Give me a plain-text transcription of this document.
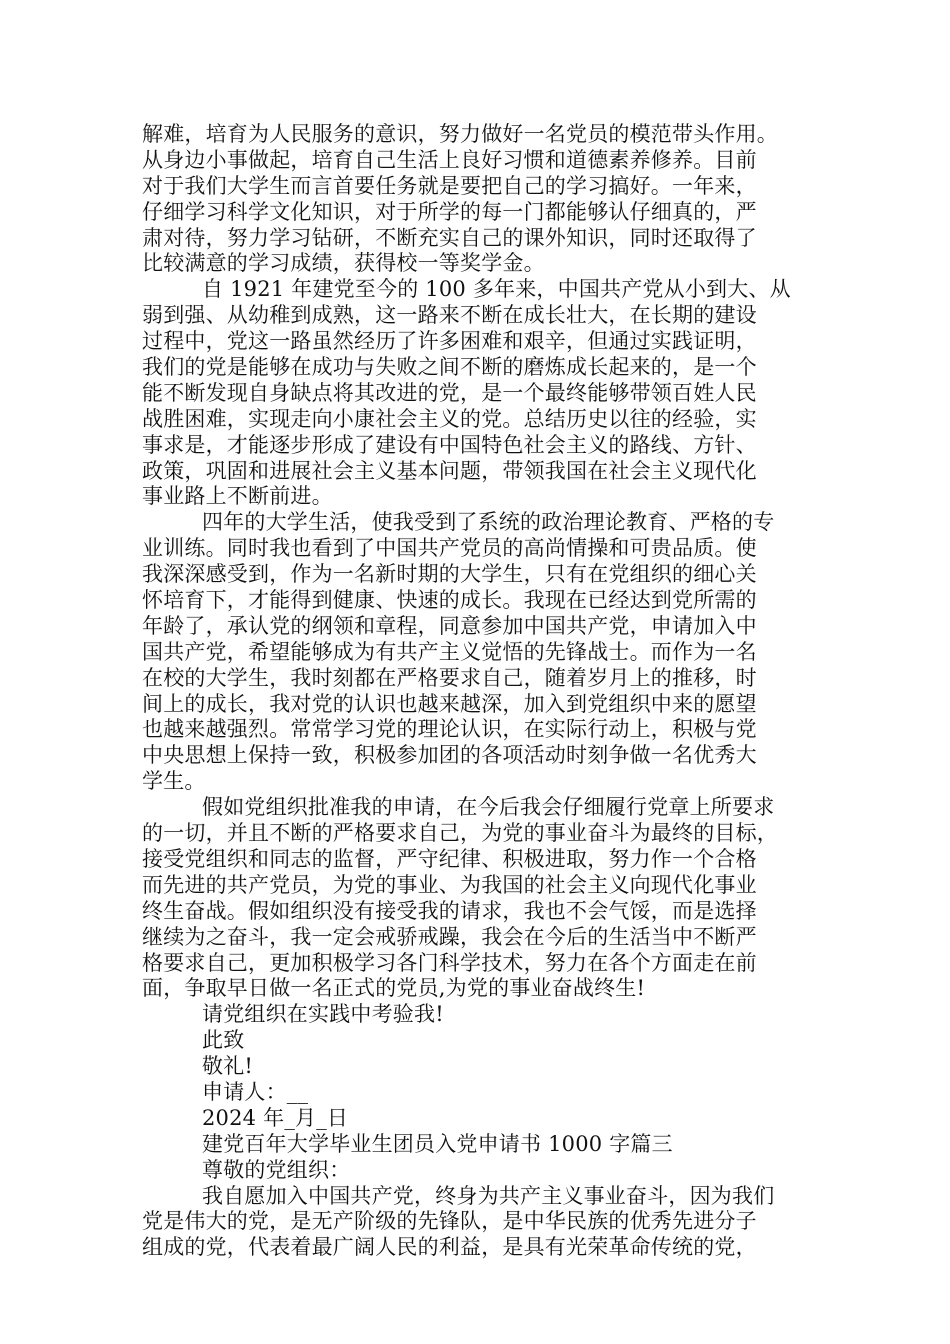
解难，培育为人民服务的意识，努力做好一名党员的模范带头作用。
从身边小事做起，培育自己生活上良好习惯和道德素养修养。目前
对于我们大学生而言首要任务就是要把自己的学习搞好。一年来，
仔细学习科学文化知识，对于所学的每一门都能够认仔细真的，严
肃对待，努力学习钻研，不断充实自己的课外知识，同时还取得了
比较满意的学习成绩，获得校一等奖学金。
自 1921 年建党至今的 100 多年来，中国共产党从小到大、从
弱到强、从幼稚到成熟，这一路来不断在成长壮大，在长期的建设
过程中，党这一路虽然经历了许多困难和艰辛，但通过实践证明，
我们的党是能够在成功与失败之间不断的磨炼成长起来的，是一个
能不断发现自身缺点将其改进的党，是一个最终能够带领百姓人民
战胜困难，实现走向小康社会主义的党。总结历史以往的经验，实
事求是，才能逐步形成了建设有中国特色社会主义的路线、方针、
政策，巩固和进展社会主义基本问题，带领我国在社会主义现代化
事业路上不断前进。
四年的大学生活，使我受到了系统的政治理论教育、严格的专
业训练。同时我也看到了中国共产党员的高尚情操和可贵品质。使
我深深感受到，作为一名新时期的大学生，只有在党组织的细心关
怀培育下，才能得到健康、快速的成长。我现在已经达到党所需的
年龄了，承认党的纲领和章程，同意参加中国共产党，申请加入中
国共产党，希望能够成为有共产主义觉悟的先锋战士。而作为一名
在校的大学生，我时刻都在严格要求自己，随着岁月上的推移，时
间上的成长，我对党的认识也越来越深，加入到党组织中来的愿望
也越来越强烈。常常学习党的理论认识，在实际行动上，积极与党
中央思想上保持一致，积极参加团的各项活动时刻争做一名优秀大
学生。
假如党组织批准我的申请，在今后我会仔细履行党章上所要求
的一切，并且不断的严格要求自己，为党的事业奋斗为最终的目标，
接受党组织和同志的监督，严守纪律、积极进取，努力作一个合格
而先进的共产党员，为党的事业、为我国的社会主义向现代化事业
终生奋战。假如组织没有接受我的请求，我也不会气馁，而是选择
继续为之奋斗，我一定会戒骄戒躁，我会在今后的生活当中不断严
格要求自己，更加积极学习各门科学技术，努力在各个方面走在前
面，争取早日做一名正式的党员,为党的事业奋战终生!
请党组织在实践中考验我!
此致
敬礼!
申请人：__
2024 年_月_日
建党百年大学毕业生团员入党申请书 1000 字篇三
尊敬的党组织：
我自愿加入中国共产党，终身为共产主义事业奋斗，因为我们
党是伟大的党，是无产阶级的先锋队，是中华民族的优秀先进分子
组成的党，代表着最广阔人民的利益，是具有光荣革命传统的党，
